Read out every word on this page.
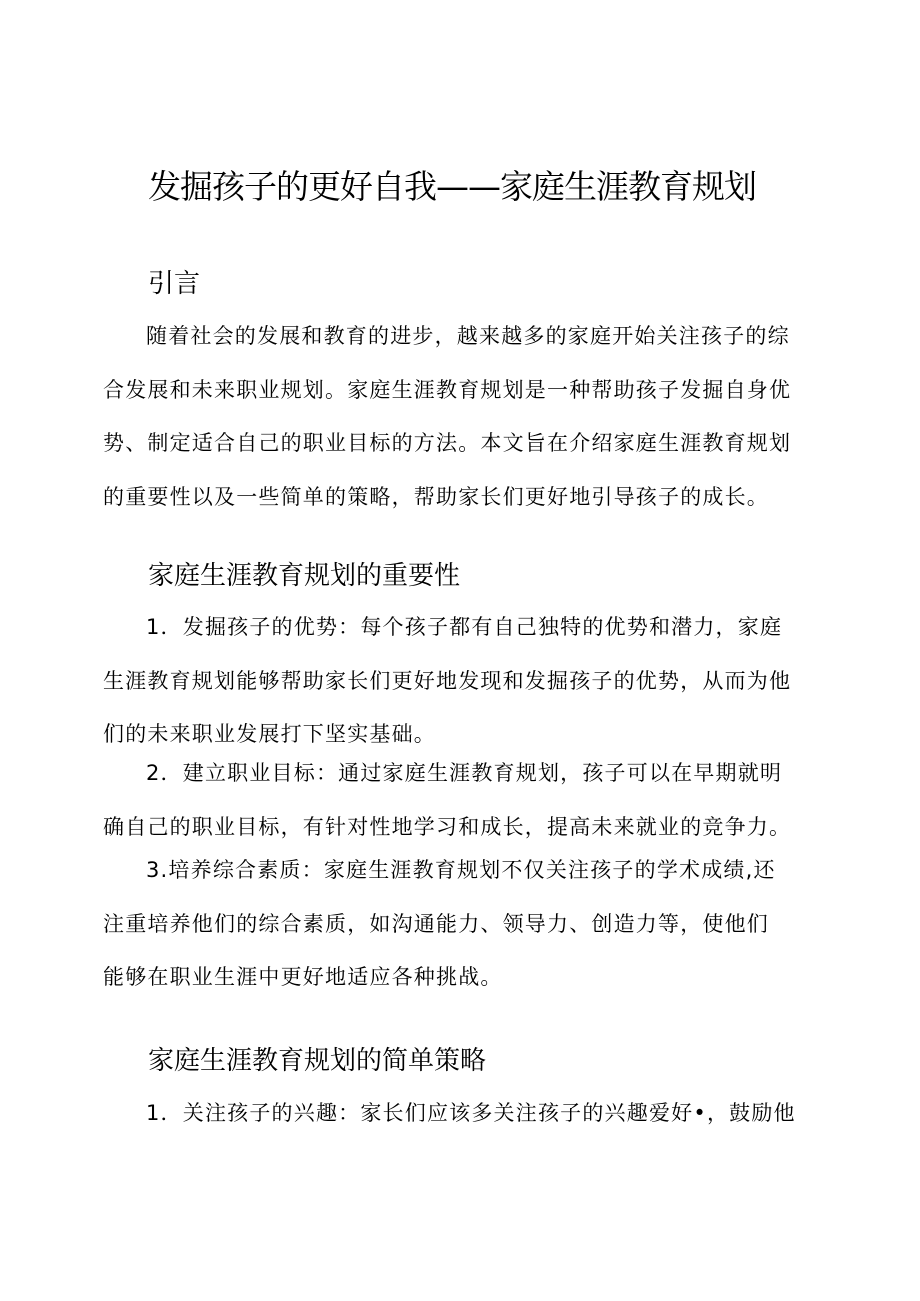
发掘孩子的更好自我——家庭生涯教育规划
引言

随着社会的发展和教育的进步，越来越多的家庭开始关注孩子的综
合发展和未来职业规划。家庭生涯教育规划是一种帮助孩子发掘自身优
势、制定适合自己的职业目标的方法。本文旨在介绍家庭生涯教育规划
的重要性以及一些简单的策略，帮助家长们更好地引导孩子的成长。

家庭生涯教育规划的重要性

1．发掘孩子的优势：每个孩子都有自己独特的优势和潜力，家庭
生涯教育规划能够帮助家长们更好地发现和发掘孩子的优势，从而为他
们的未来职业发展打下坚实基础。

2．建立职业目标：通过家庭生涯教育规划，孩子可以在早期就明
确自己的职业目标，有针对性地学习和成长，提高未来就业的竞争力。

3.培养综合素质：家庭生涯教育规划不仅关注孩子的学术成绩,还
注重培养他们的综合素质，如沟通能力、领导力、创造力等，使他们
能够在职业生涯中更好地适应各种挑战。

家庭生涯教育规划的简单策略

1．关注孩子的兴趣：家长们应该多关注孩子的兴趣爱好•，鼓励他
